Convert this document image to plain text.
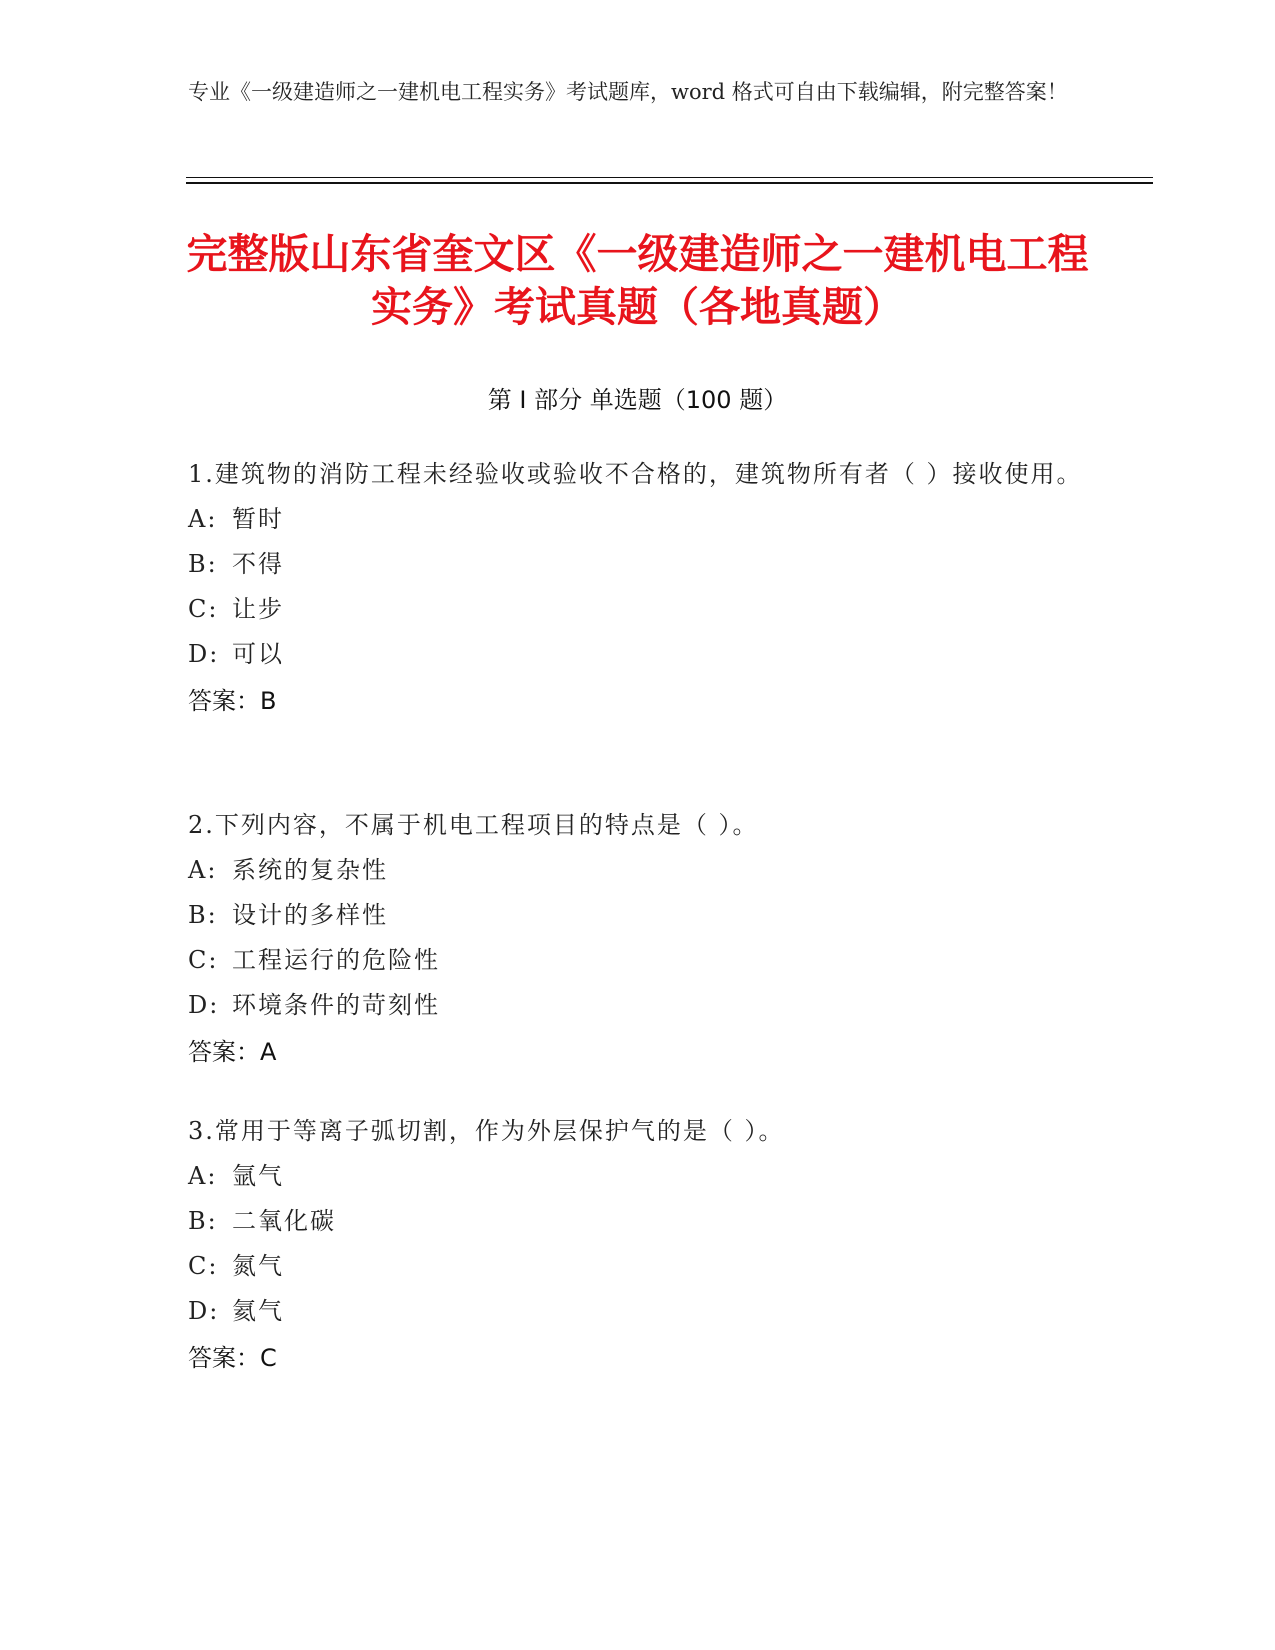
专业《一级建造师之一建机电工程实务》考试题库，word 格式可自由下载编辑，附完整答案！
完整版山东省奎文区《一级建造师之一建机电工程实务》考试真题（各地真题）
第 I 部分 单选题（100 题）
1.建筑物的消防工程未经验收或验收不合格的，建筑物所有者（ ）接收使用。
A: 暂时
B: 不得
C: 让步
D: 可以
答案：B
2.下列内容，不属于机电工程项目的特点是（ ）。
A: 系统的复杂性
B: 设计的多样性
C: 工程运行的危险性
D: 环境条件的苛刻性
答案：A
3.常用于等离子弧切割，作为外层保护气的是（ ）。
A: 氩气
B: 二氧化碳
C: 氮气
D: 氦气
答案：C
